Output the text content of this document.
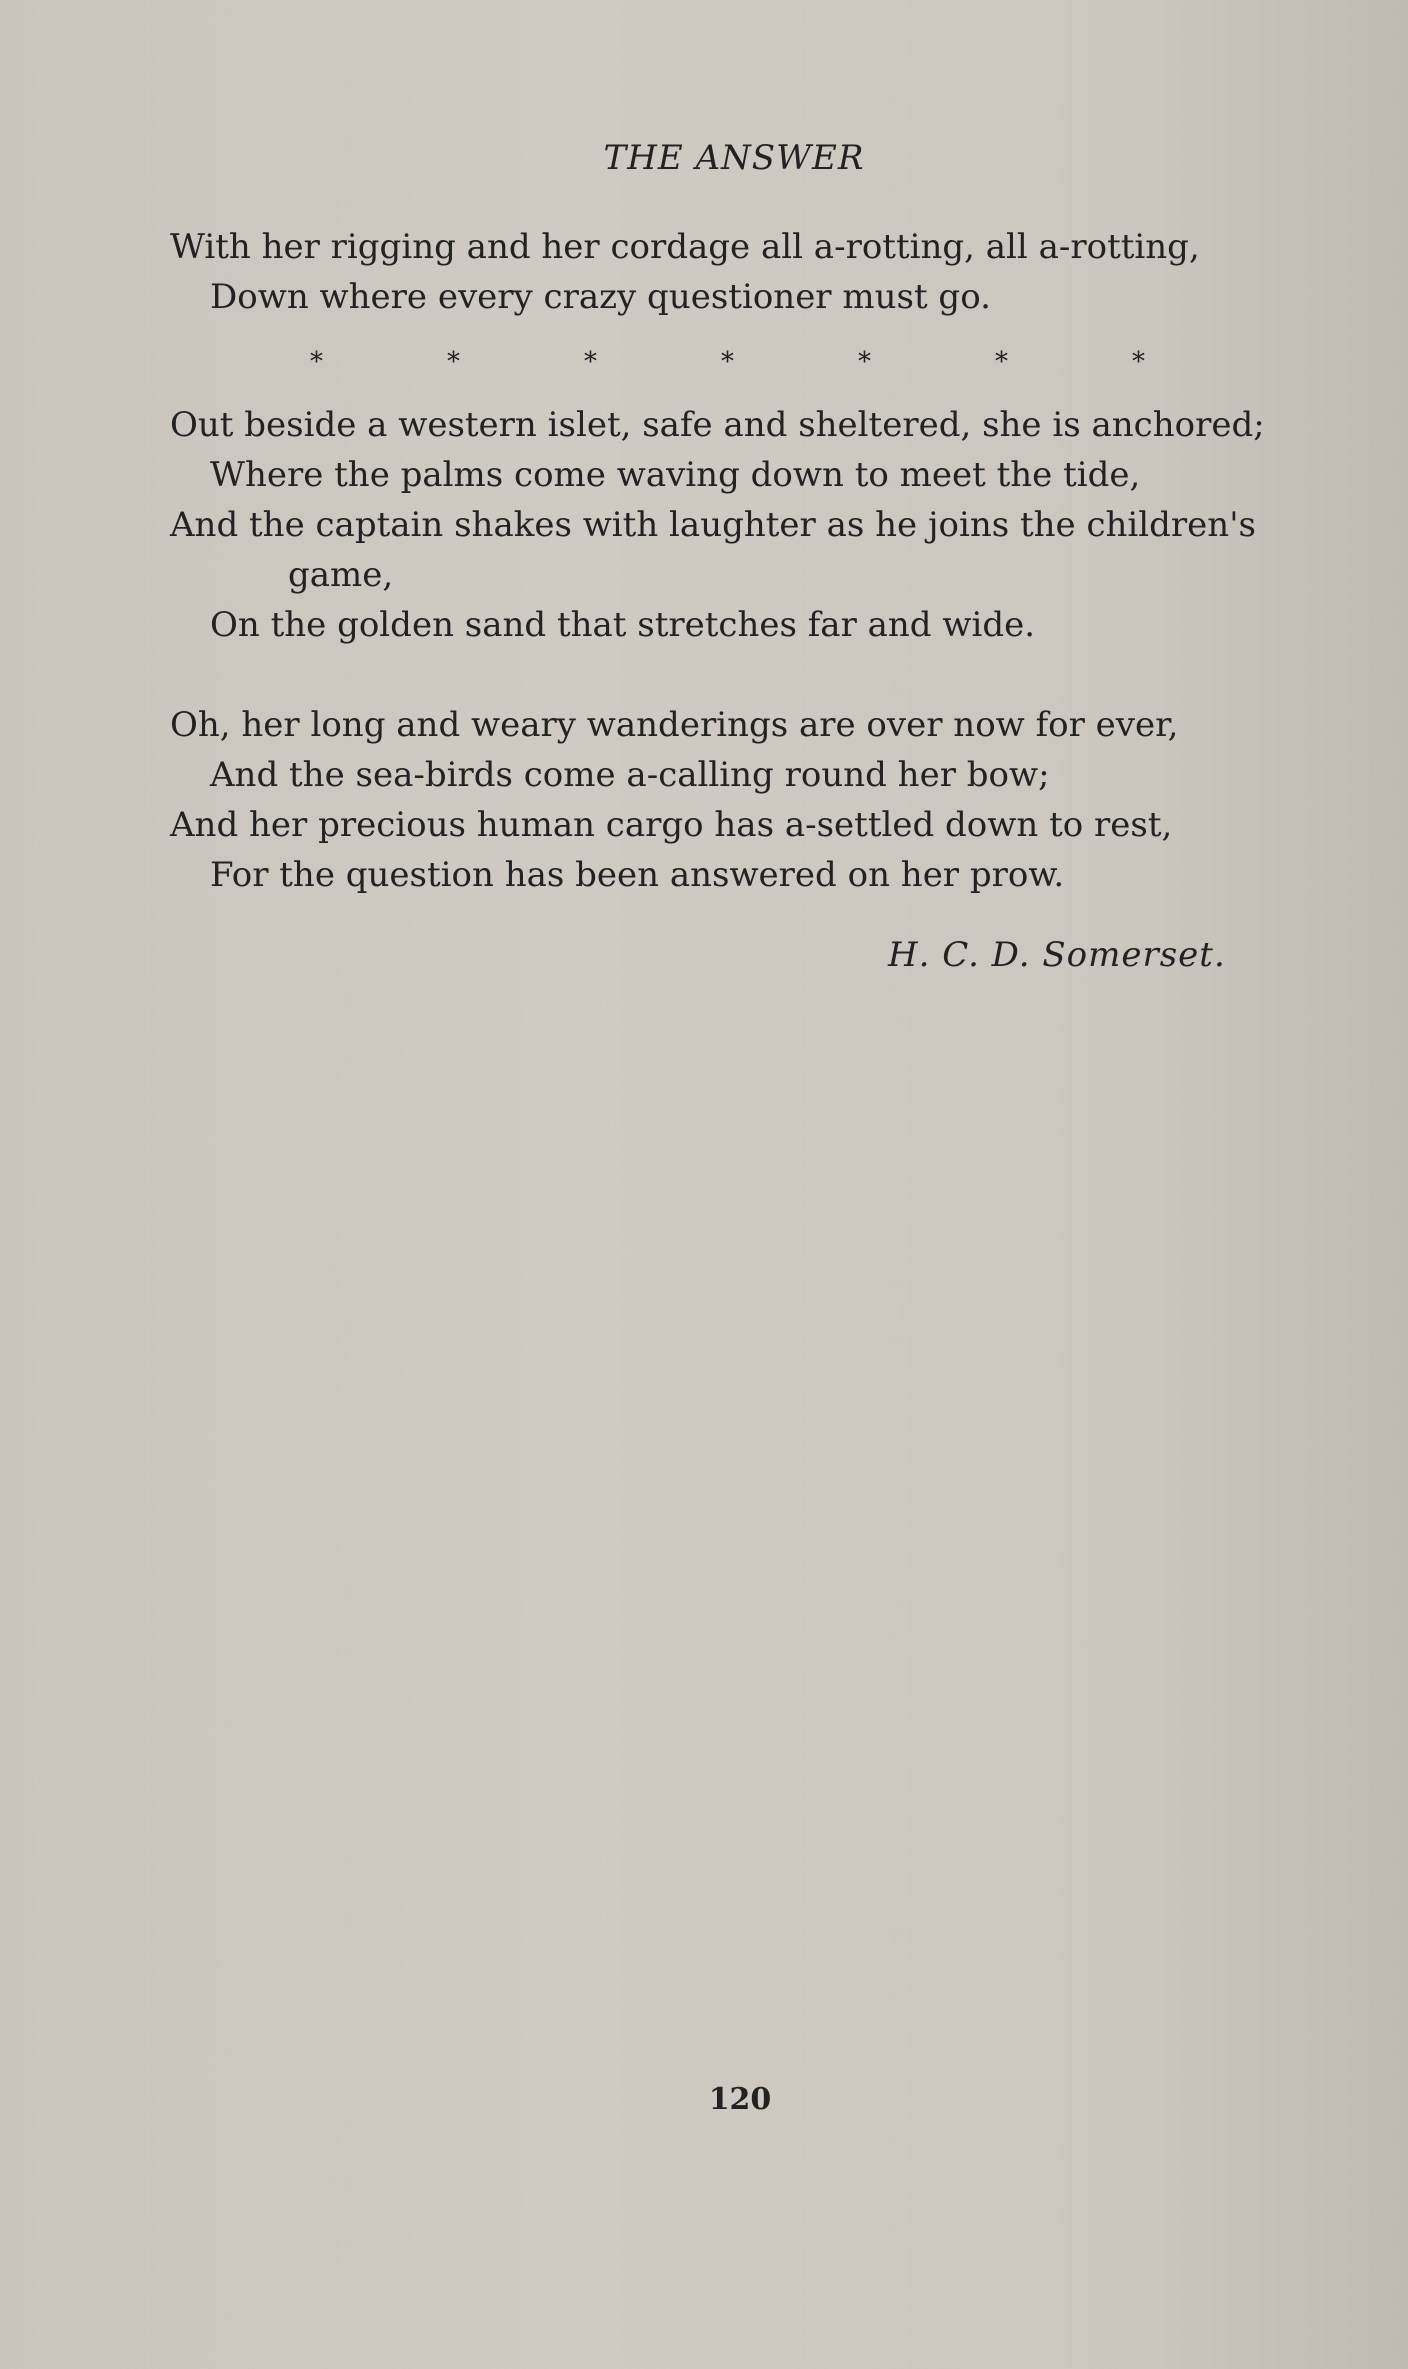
THE ANSWER

With her rigging and her cordage all a-rotting, all a-rotting,

Down where every crazy questioner must go.

*	*	*	*	*	*	*

Out beside a western islet, safe and sheltered, she is anchored;

Where the palms come waving down to meet the tide,

And the captain shakes with laughter as he joins the children's

game,

On the golden sand that stretches far and wide.

Oh, her long and weary wanderings are over now for ever,

And the sea-birds come a-calling round her bow;

And her precious human cargo has a-settled down to rest,

For the question has been answered on her prow.

H. C. D. Somerset.

120
